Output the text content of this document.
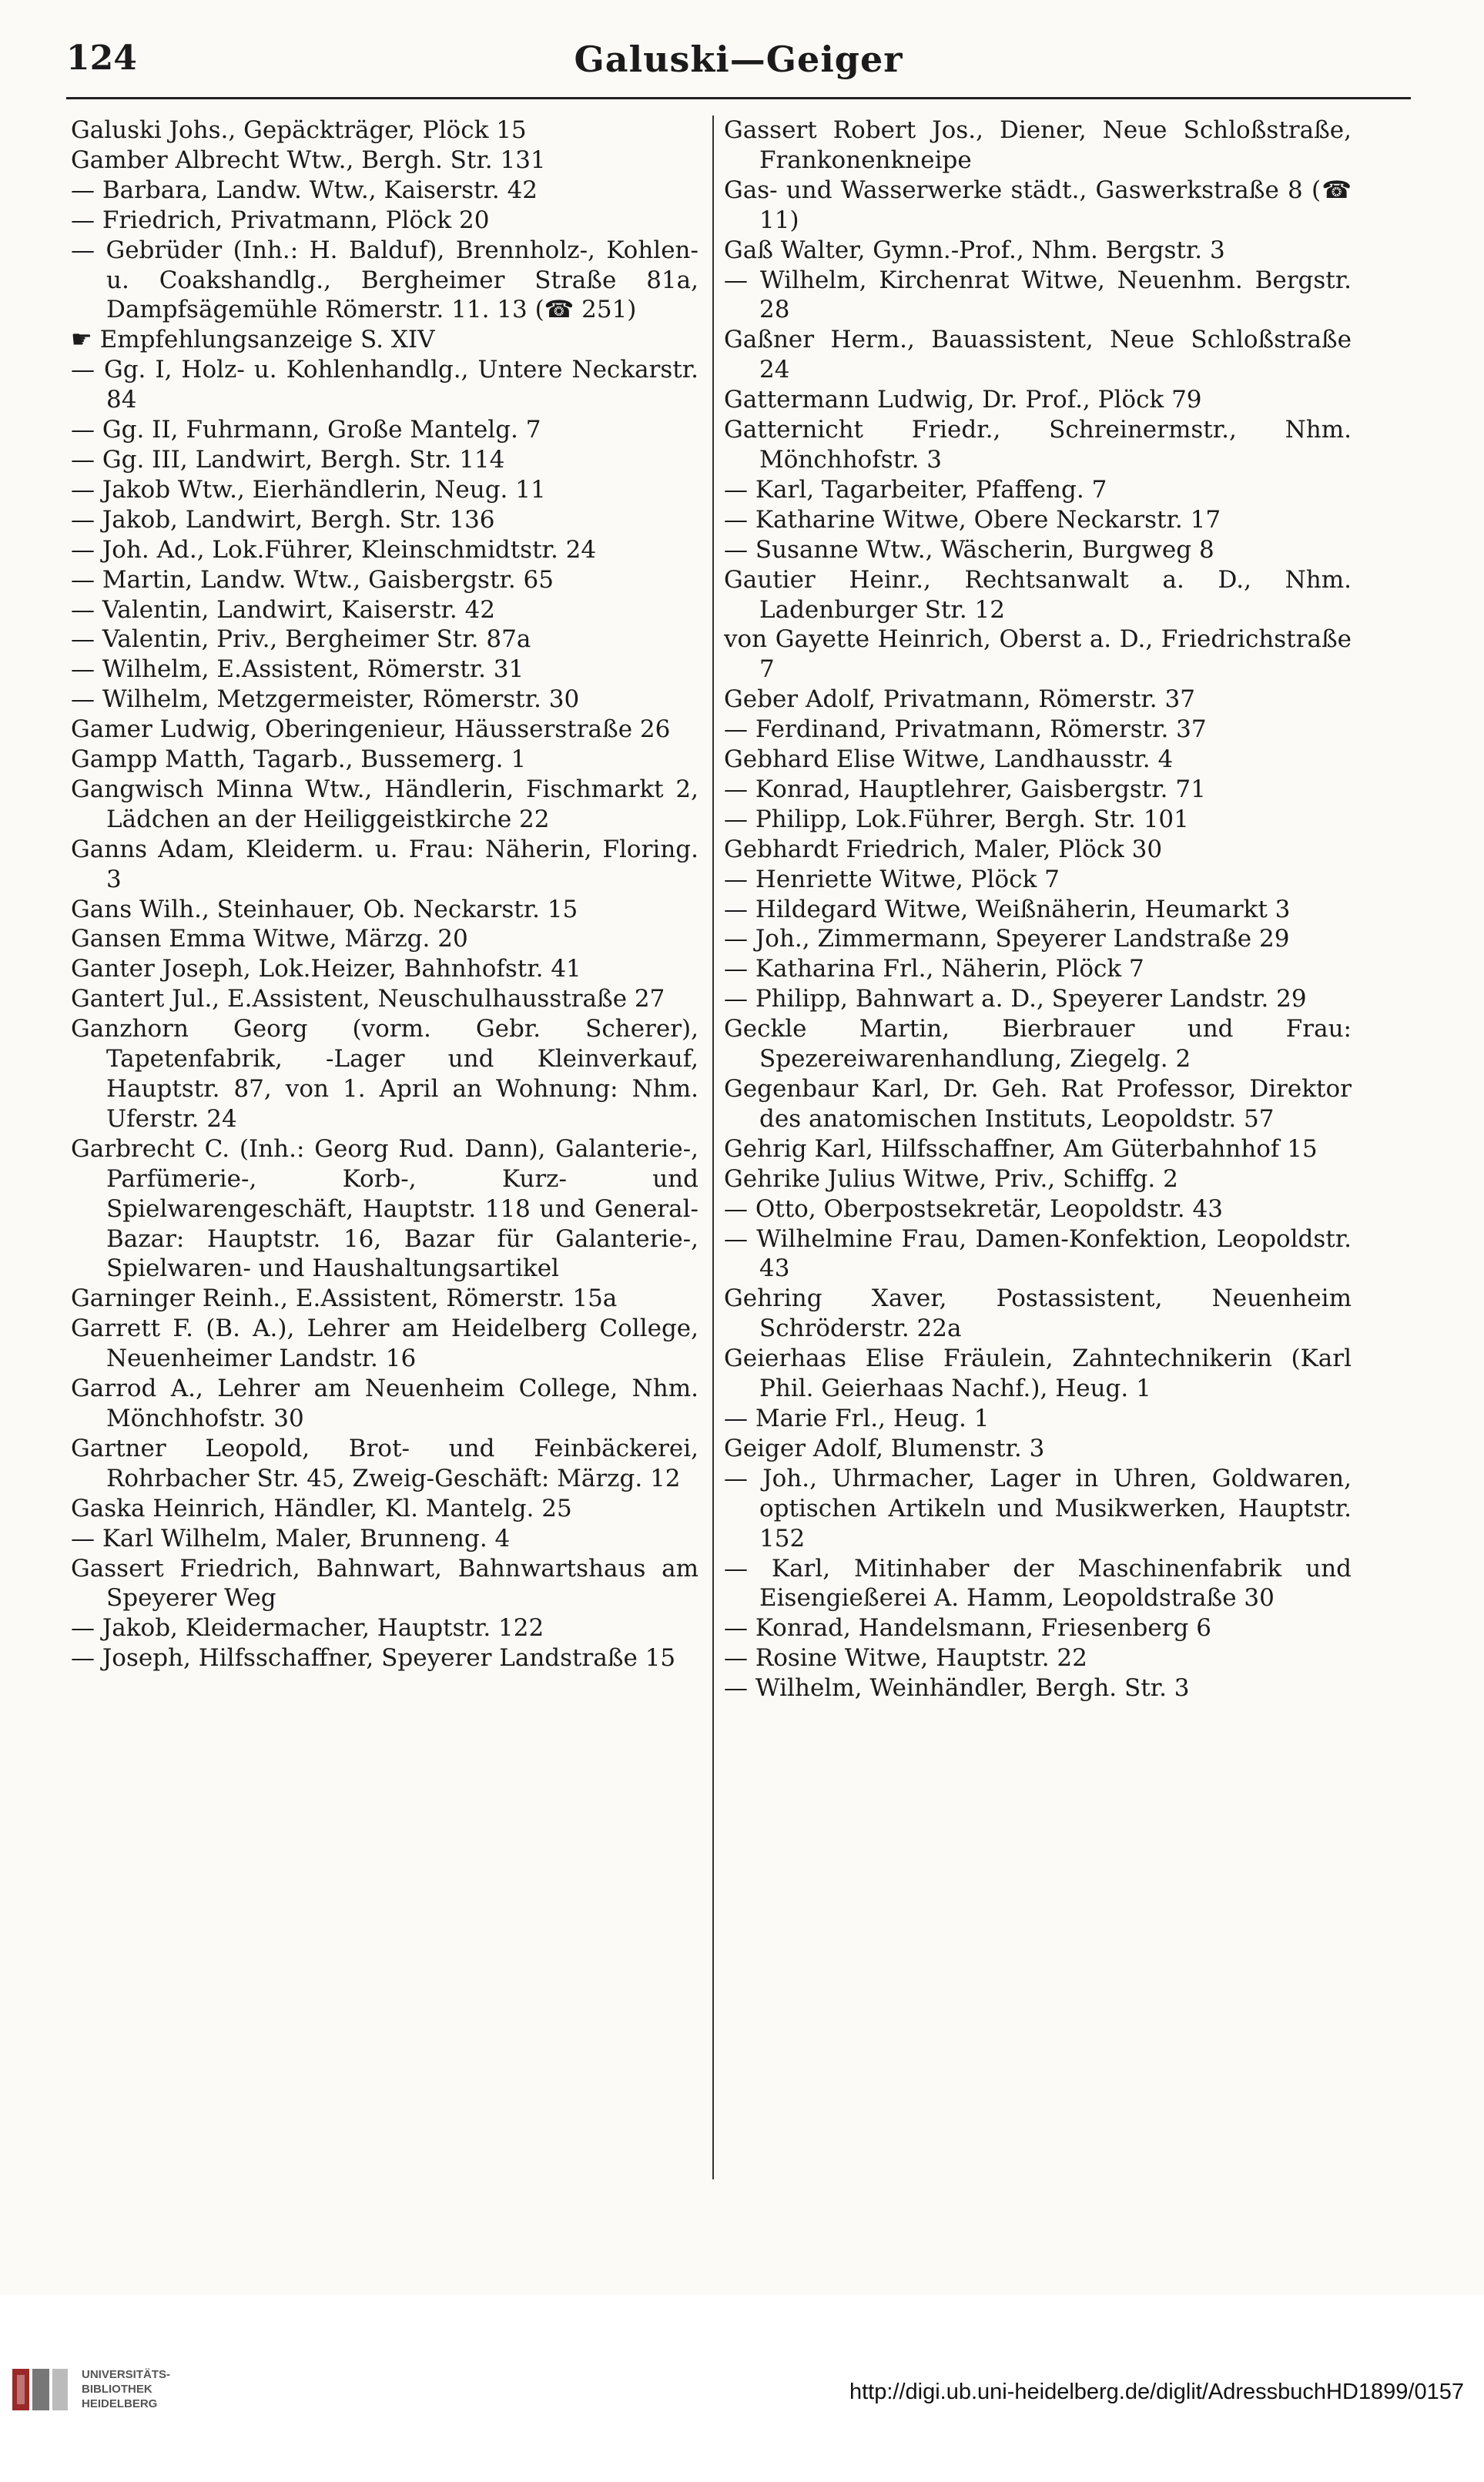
124	Galuski—Geiger

Galuski Johs., Gepäckträger, Plöck 15

Gamber Albrecht Wtw., Bergh. Str. 131

— Barbara, Landw. Wtw., Kaiserstr. 42

— Friedrich, Privatmann, Plöck 20

— Gebrüder (Inh.: H. Balduf), Brennholz-, Kohlen- u. Coakshandlg., Bergheimer Straße 81a, Dampfsägemühle Römerstr. 11. 13 (☎ 251)

☛ Empfehlungsanzeige S. XIV

— Gg. I, Holz- u. Kohlenhandlg., Untere Neckarstr. 84

— Gg. II, Fuhrmann, Große Mantelg. 7

— Gg. III, Landwirt, Bergh. Str. 114

— Jakob Wtw., Eierhändlerin, Neug. 11

— Jakob, Landwirt, Bergh. Str. 136

— Joh. Ad., Lok.Führer, Kleinschmidtstr. 24

— Martin, Landw. Wtw., Gaisbergstr. 65

— Valentin, Landwirt, Kaiserstr. 42

— Valentin, Priv., Bergheimer Str. 87a

— Wilhelm, E.Assistent, Römerstr. 31

— Wilhelm, Metzgermeister, Römerstr. 30

Gamer Ludwig, Oberingenieur, Häusserstraße 26

Gampp Matth, Tagarb., Bussemerg. 1

Gangwisch Minna Wtw., Händlerin, Fischmarkt 2, Lädchen an der Heiliggeistkirche 22

Ganns Adam, Kleiderm. u. Frau: Näherin, Floring. 3

Gans Wilh., Steinhauer, Ob. Neckarstr. 15

Gansen Emma Witwe, Märzg. 20

Ganter Joseph, Lok.Heizer, Bahnhofstr. 41

Gantert Jul., E.Assistent, Neuschulhausstraße 27

Ganzhorn Georg (vorm. Gebr. Scherer), Tapetenfabrik, -Lager und Kleinverkauf, Hauptstr. 87, von 1. April an Wohnung: Nhm. Uferstr. 24

Garbrecht C. (Inh.: Georg Rud. Dann), Galanterie-, Parfümerie-, Korb-, Kurz- und Spielwarengeschäft, Hauptstr. 118 und General-Bazar: Hauptstr. 16, Bazar für Galanterie-, Spielwaren- und Haushaltungsartikel

Garninger Reinh., E.Assistent, Römerstr. 15a

Garrett F. (B. A.), Lehrer am Heidelberg College, Neuenheimer Landstr. 16

Garrod A., Lehrer am Neuenheim College, Nhm. Mönchhofstr. 30

Gartner Leopold, Brot- und Feinbäckerei, Rohrbacher Str. 45, Zweig-Geschäft: Märzg. 12

Gaska Heinrich, Händler, Kl. Mantelg. 25

— Karl Wilhelm, Maler, Brunneng. 4

Gassert Friedrich, Bahnwart, Bahnwartshaus am Speyerer Weg

— Jakob, Kleidermacher, Hauptstr. 122

— Joseph, Hilfsschaffner, Speyerer Landstraße 15

Gassert Robert Jos., Diener, Neue Schloßstraße, Frankonenkneipe

Gas- und Wasserwerke städt., Gaswerkstraße 8 (☎ 11)

Gaß Walter, Gymn.-Prof., Nhm. Bergstr. 3

— Wilhelm, Kirchenrat Witwe, Neuenhm. Bergstr. 28

Gaßner Herm., Bauassistent, Neue Schloßstraße 24

Gattermann Ludwig, Dr. Prof., Plöck 79

Gatternicht Friedr., Schreinermstr., Nhm. Mönchhofstr. 3

— Karl, Tagarbeiter, Pfaffeng. 7

— Katharine Witwe, Obere Neckarstr. 17

— Susanne Wtw., Wäscherin, Burgweg 8

Gautier Heinr., Rechtsanwalt a. D., Nhm. Ladenburger Str. 12

von Gayette Heinrich, Oberst a. D., Friedrichstraße 7

Geber Adolf, Privatmann, Römerstr. 37

— Ferdinand, Privatmann, Römerstr. 37

Gebhard Elise Witwe, Landhausstr. 4

— Konrad, Hauptlehrer, Gaisbergstr. 71

— Philipp, Lok.Führer, Bergh. Str. 101

Gebhardt Friedrich, Maler, Plöck 30

— Henriette Witwe, Plöck 7

— Hildegard Witwe, Weißnäherin, Heumarkt 3

— Joh., Zimmermann, Speyerer Landstraße 29

— Katharina Frl., Näherin, Plöck 7

— Philipp, Bahnwart a. D., Speyerer Landstr. 29

Geckle Martin, Bierbrauer und Frau: Spezereiwarenhandlung, Ziegelg. 2

Gegenbaur Karl, Dr. Geh. Rat Professor, Direktor des anatomischen Instituts, Leopoldstr. 57

Gehrig Karl, Hilfsschaffner, Am Güterbahnhof 15

Gehrike Julius Witwe, Priv., Schiffg. 2

— Otto, Oberpostsekretär, Leopoldstr. 43

— Wilhelmine Frau, Damen-Konfektion, Leopoldstr. 43

Gehring Xaver, Postassistent, Neuenheim Schröderstr. 22a

Geierhaas Elise Fräulein, Zahntechnikerin (Karl Phil. Geierhaas Nachf.), Heug. 1

— Marie Frl., Heug. 1

Geiger Adolf, Blumenstr. 3

— Joh., Uhrmacher, Lager in Uhren, Goldwaren, optischen Artikeln und Musikwerken, Hauptstr. 152

— Karl, Mitinhaber der Maschinenfabrik und Eisengießerei A. Hamm, Leopoldstraße 30

— Konrad, Handelsmann, Friesenberg 6

— Rosine Witwe, Hauptstr. 22

— Wilhelm, Weinhändler, Bergh. Str. 3

UNIVERSITÄTS-
BIBLIOTHEK
HEIDELBERG	http://digi.ub.uni-heidelberg.de/diglit/AdressbuchHD1899/0157
